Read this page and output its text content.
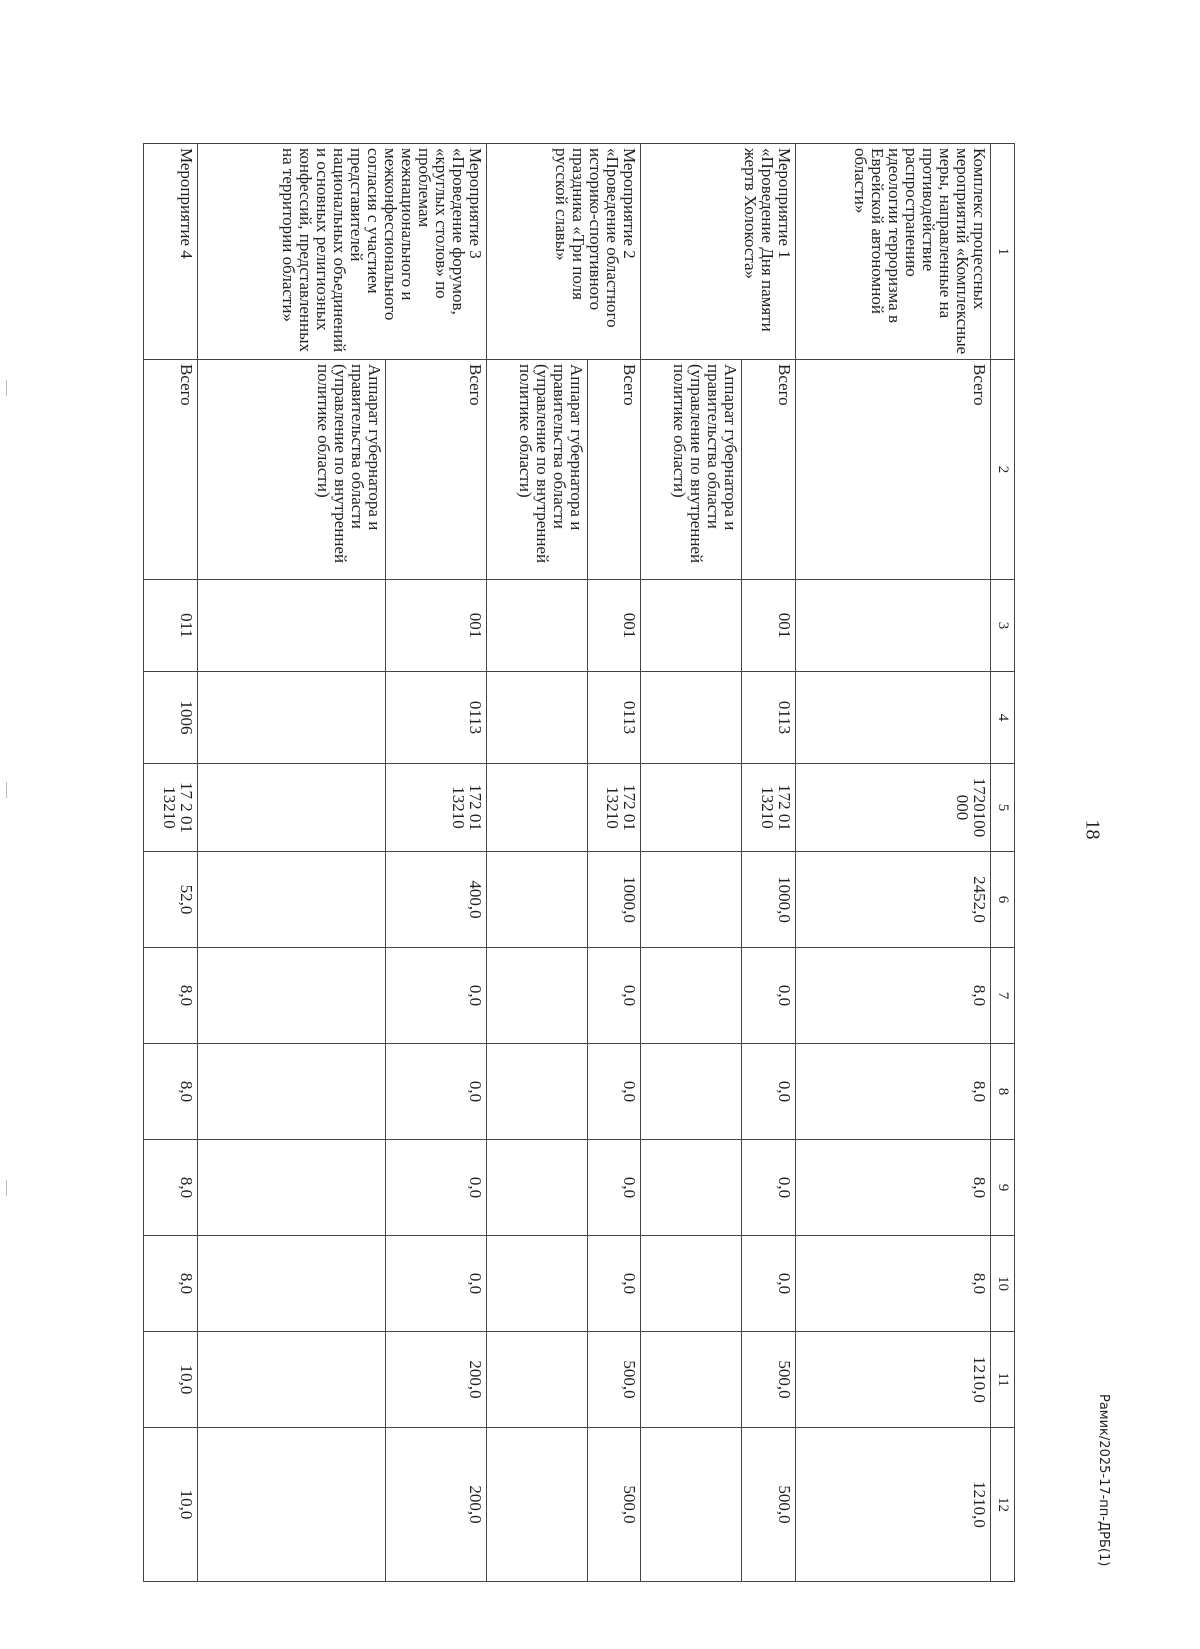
18
Рамик/2025-17-пп-ДРБ(1)
1	2	3	4	5	6	7	8	9	10	11	12
Комплекс процессных мероприятий «Комплексные меры, направленные на противодействие распространению идеологии терроризма в Еврейской автономной области»	Всего			1720100 000	2452,0	8,0	8,0	8,0	8,0	1210,0	1210,0
Мероприятие 1 «Проведение Дня памяти жертв Холокоста»	Всего	001	0113	172 01 13210	1000,0	0,0	0,0	0,0	0,0	500,0	500,0
	Аппарат губернатора и правительства области (управление по внутренней политике области)										
Мероприятие 2 «Проведение областного историко-спортивного праздника «Три поля русской славы»	Всего	001	0113	172 01 13210	1000,0	0,0	0,0	0,0	0,0	500,0	500,0
	Аппарат губернатора и правительства области (управление по внутренней политике области)										
Мероприятие 3 «Проведение форумов, «круглых столов» по проблемам межнационального и межконфессионального согласия с участием представителей национальных объединений и основных религиозных конфессий, представленных на территории области»	Всего	001	0113	172 01 13210	400,0	0,0	0,0	0,0	0,0	200,0	200,0
	Аппарат губернатора и правительства области (управление по внутренней политике области)										
Мероприятие 4	Всего	011	1006	17 2 01 13210	52,0	8,0	8,0	8,0	8,0	10,0	10,0
